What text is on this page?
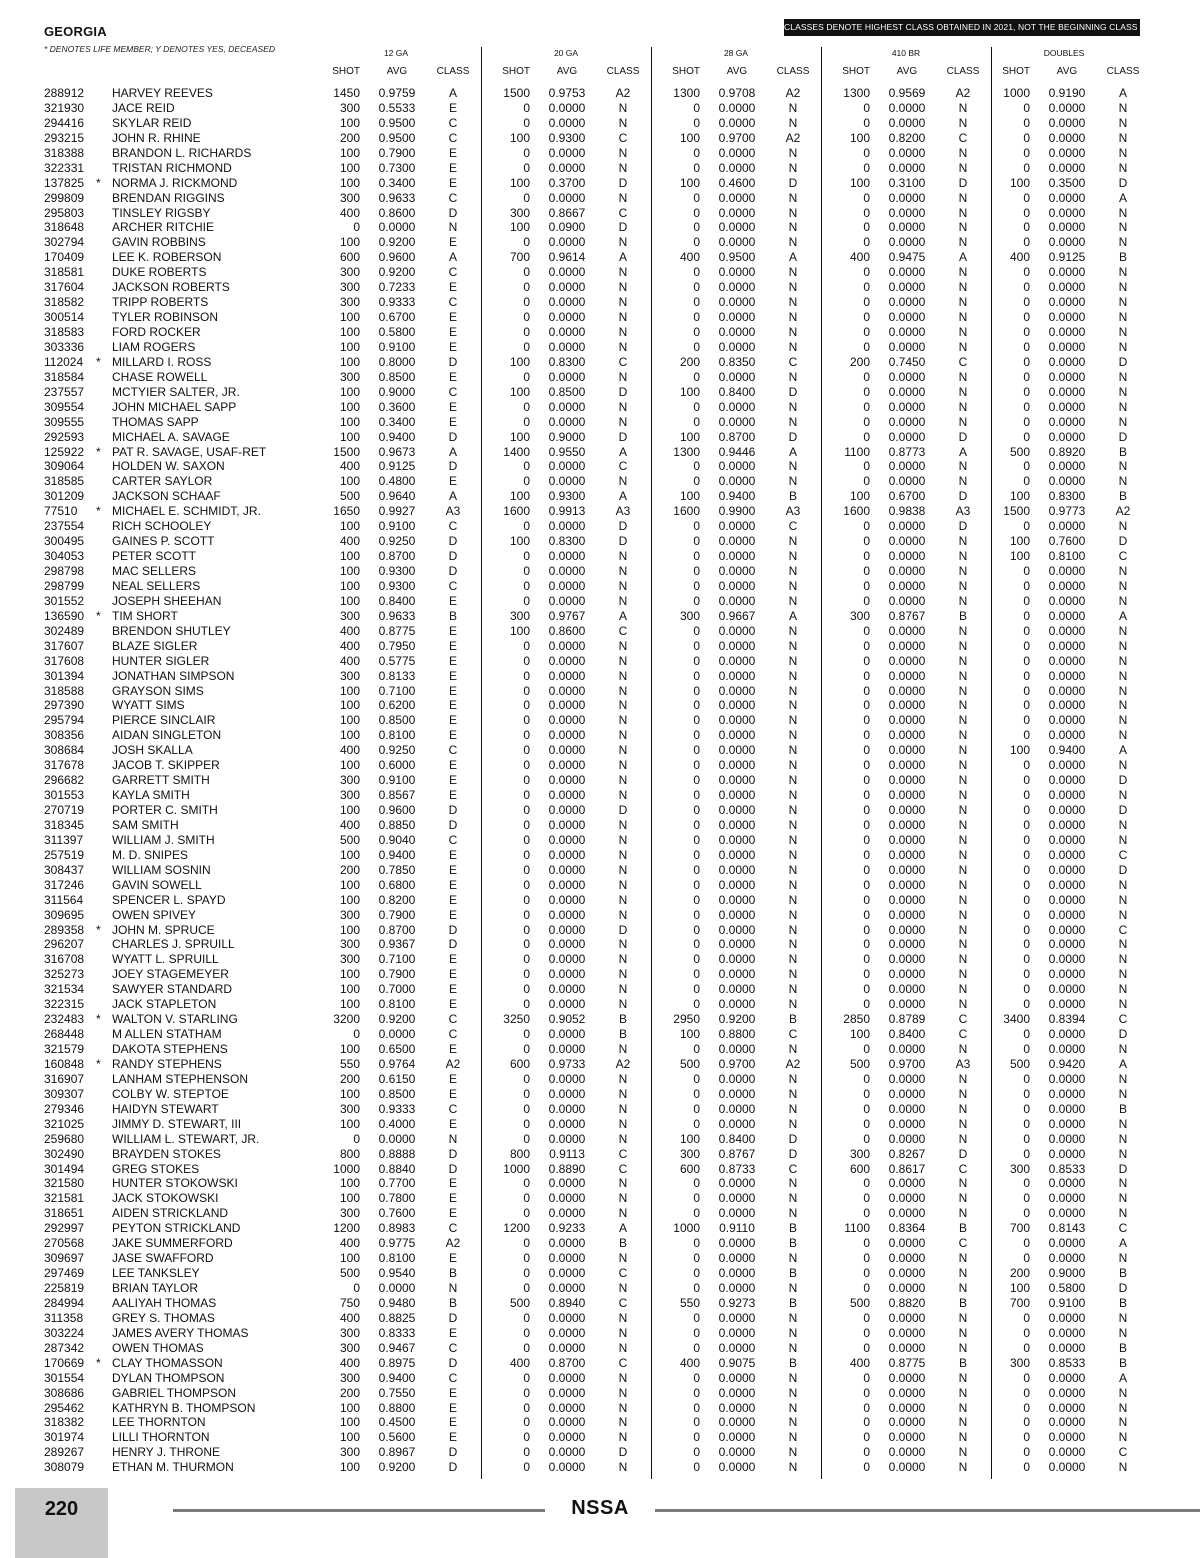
GEORGIA
* DENOTES LIFE MEMBER; Y DENOTES YES, DECEASED
CLASSES DENOTE HIGHEST CLASS OBTAINED IN 2021, NOT THE BEGINNING CLASS FOR 2022.
12 GA	20 GA	28 GA	410 BR	DOUBLES
SHOT	AVG	CLASS	SHOT	AVG	CLASS	SHOT	AVG	CLASS	SHOT	AVG	CLASS	SHOT	AVG	CLASS
288912 HARVEY REEVES	1450	0.9759	A	1500	0.9753	A2	1300	0.9708	A2	1300	0.9569	A2	1000	0.9190	A
321930 JACE REID	300	0.5533	E	0	0.0000	N	0	0.0000	N	0	0.0000	N	0	0.0000	N
294416 SKYLAR REID	100	0.9500	C	0	0.0000	N	0	0.0000	N	0	0.0000	N	0	0.0000	N
293215 JOHN R. RHINE	200	0.9500	C	100	0.9300	C	100	0.9700	A2	100	0.8200	C	0	0.0000	N
318388 BRANDON L. RICHARDS	100	0.7900	E	0	0.0000	N	0	0.0000	N	0	0.0000	N	0	0.0000	N
322331 TRISTAN RICHMOND	100	0.7300	E	0	0.0000	N	0	0.0000	N	0	0.0000	N	0	0.0000	N
137825 * NORMA J. RICKMOND	100	0.3400	E	100	0.3700	D	100	0.4600	D	100	0.3100	D	100	0.3500	D
299809 BRENDAN RIGGINS	300	0.9633	C	0	0.0000	N	0	0.0000	N	0	0.0000	N	0	0.0000	A
295803 TINSLEY RIGSBY	400	0.8600	D	300	0.8667	C	0	0.0000	N	0	0.0000	N	0	0.0000	N
318648 ARCHER RITCHIE	0	0.0000	N	100	0.0900	D	0	0.0000	N	0	0.0000	N	0	0.0000	N
302794 GAVIN ROBBINS	100	0.9200	E	0	0.0000	N	0	0.0000	N	0	0.0000	N	0	0.0000	N
170409 LEE K. ROBERSON	600	0.9600	A	700	0.9614	A	400	0.9500	A	400	0.9475	A	400	0.9125	B
318581 DUKE ROBERTS	300	0.9200	C	0	0.0000	N	0	0.0000	N	0	0.0000	N	0	0.0000	N
317604 JACKSON ROBERTS	300	0.7233	E	0	0.0000	N	0	0.0000	N	0	0.0000	N	0	0.0000	N
318582 TRIPP ROBERTS	300	0.9333	C	0	0.0000	N	0	0.0000	N	0	0.0000	N	0	0.0000	N
300514 TYLER ROBINSON	100	0.6700	E	0	0.0000	N	0	0.0000	N	0	0.0000	N	0	0.0000	N
318583 FORD ROCKER	100	0.5800	E	0	0.0000	N	0	0.0000	N	0	0.0000	N	0	0.0000	N
303336 LIAM ROGERS	100	0.9100	E	0	0.0000	N	0	0.0000	N	0	0.0000	N	0	0.0000	N
112024 * MILLARD I. ROSS	100	0.8000	D	100	0.8300	C	200	0.8350	C	200	0.7450	C	0	0.0000	D
318584 CHASE ROWELL	300	0.8500	E	0	0.0000	N	0	0.0000	N	0	0.0000	N	0	0.0000	N
237557 MCTYIER SALTER, JR.	100	0.9000	C	100	0.8500	D	100	0.8400	D	0	0.0000	N	0	0.0000	N
309554 JOHN MICHAEL SAPP	100	0.3600	E	0	0.0000	N	0	0.0000	N	0	0.0000	N	0	0.0000	N
309555 THOMAS SAPP	100	0.3400	E	0	0.0000	N	0	0.0000	N	0	0.0000	N	0	0.0000	N
292593 MICHAEL A. SAVAGE	100	0.9400	D	100	0.9000	D	100	0.8700	D	0	0.0000	D	0	0.0000	D
125922 * PAT R. SAVAGE, USAF-RET	1500	0.9673	A	1400	0.9550	A	1300	0.9446	A	1100	0.8773	A	500	0.8920	B
309064 HOLDEN W. SAXON	400	0.9125	D	0	0.0000	C	0	0.0000	N	0	0.0000	N	0	0.0000	N
318585 CARTER SAYLOR	100	0.4800	E	0	0.0000	N	0	0.0000	N	0	0.0000	N	0	0.0000	N
301209 JACKSON SCHAAF	500	0.9640	A	100	0.9300	A	100	0.9400	B	100	0.6700	D	100	0.8300	B
77510 * MICHAEL E. SCHMIDT, JR.	1650	0.9927	A3	1600	0.9913	A3	1600	0.9900	A3	1600	0.9838	A3	1500	0.9773	A2
237554 RICH SCHOOLEY	100	0.9100	C	0	0.0000	D	0	0.0000	C	0	0.0000	D	0	0.0000	N
300495 GAINES P. SCOTT	400	0.9250	D	100	0.8300	D	0	0.0000	N	0	0.0000	N	100	0.7600	D
304053 PETER SCOTT	100	0.8700	D	0	0.0000	N	0	0.0000	N	0	0.0000	N	100	0.8100	C
298798 MAC SELLERS	100	0.9300	D	0	0.0000	N	0	0.0000	N	0	0.0000	N	0	0.0000	N
298799 NEAL SELLERS	100	0.9300	C	0	0.0000	N	0	0.0000	N	0	0.0000	N	0	0.0000	N
301552 JOSEPH SHEEHAN	100	0.8400	E	0	0.0000	N	0	0.0000	N	0	0.0000	N	0	0.0000	N
136590 * TIM SHORT	300	0.9633	B	300	0.9767	A	300	0.9667	A	300	0.8767	B	0	0.0000	A
302489 BRENDON SHUTLEY	400	0.8775	E	100	0.8600	C	0	0.0000	N	0	0.0000	N	0	0.0000	N
317607 BLAZE SIGLER	400	0.7950	E	0	0.0000	N	0	0.0000	N	0	0.0000	N	0	0.0000	N
317608 HUNTER SIGLER	400	0.5775	E	0	0.0000	N	0	0.0000	N	0	0.0000	N	0	0.0000	N
301394 JONATHAN SIMPSON	300	0.8133	E	0	0.0000	N	0	0.0000	N	0	0.0000	N	0	0.0000	N
318588 GRAYSON SIMS	100	0.7100	E	0	0.0000	N	0	0.0000	N	0	0.0000	N	0	0.0000	N
297390 WYATT SIMS	100	0.6200	E	0	0.0000	N	0	0.0000	N	0	0.0000	N	0	0.0000	N
295794 PIERCE SINCLAIR	100	0.8500	E	0	0.0000	N	0	0.0000	N	0	0.0000	N	0	0.0000	N
308356 AIDAN SINGLETON	100	0.8100	E	0	0.0000	N	0	0.0000	N	0	0.0000	N	0	0.0000	N
308684 JOSH SKALLA	400	0.9250	C	0	0.0000	N	0	0.0000	N	0	0.0000	N	100	0.9400	A
317678 JACOB T. SKIPPER	100	0.6000	E	0	0.0000	N	0	0.0000	N	0	0.0000	N	0	0.0000	N
296682 GARRETT SMITH	300	0.9100	E	0	0.0000	N	0	0.0000	N	0	0.0000	N	0	0.0000	D
301553 KAYLA SMITH	300	0.8567	E	0	0.0000	N	0	0.0000	N	0	0.0000	N	0	0.0000	N
270719 PORTER C. SMITH	100	0.9600	D	0	0.0000	D	0	0.0000	N	0	0.0000	N	0	0.0000	D
318345 SAM SMITH	400	0.8850	D	0	0.0000	N	0	0.0000	N	0	0.0000	N	0	0.0000	N
311397 WILLIAM J. SMITH	500	0.9040	C	0	0.0000	N	0	0.0000	N	0	0.0000	N	0	0.0000	N
257519 M. D. SNIPES	100	0.9400	E	0	0.0000	N	0	0.0000	N	0	0.0000	N	0	0.0000	C
308437 WILLIAM SOSNIN	200	0.7850	E	0	0.0000	N	0	0.0000	N	0	0.0000	N	0	0.0000	D
317246 GAVIN SOWELL	100	0.6800	E	0	0.0000	N	0	0.0000	N	0	0.0000	N	0	0.0000	N
311564 SPENCER L. SPAYD	100	0.8200	E	0	0.0000	N	0	0.0000	N	0	0.0000	N	0	0.0000	N
309695 OWEN SPIVEY	300	0.7900	E	0	0.0000	N	0	0.0000	N	0	0.0000	N	0	0.0000	N
289358 * JOHN M. SPRUCE	100	0.8700	D	0	0.0000	D	0	0.0000	N	0	0.0000	N	0	0.0000	C
296207 CHARLES J. SPRUILL	300	0.9367	D	0	0.0000	N	0	0.0000	N	0	0.0000	N	0	0.0000	N
316708 WYATT L. SPRUILL	300	0.7100	E	0	0.0000	N	0	0.0000	N	0	0.0000	N	0	0.0000	N
325273 JOEY STAGEMEYER	100	0.7900	E	0	0.0000	N	0	0.0000	N	0	0.0000	N	0	0.0000	N
321534 SAWYER STANDARD	100	0.7000	E	0	0.0000	N	0	0.0000	N	0	0.0000	N	0	0.0000	N
322315 JACK STAPLETON	100	0.8100	E	0	0.0000	N	0	0.0000	N	0	0.0000	N	0	0.0000	N
232483 * WALTON V. STARLING	3200	0.9200	C	3250	0.9052	B	2950	0.9200	B	2850	0.8789	C	3400	0.8394	C
268448 M ALLEN STATHAM	0	0.0000	C	0	0.0000	B	100	0.8800	C	100	0.8400	C	0	0.0000	D
321579 DAKOTA STEPHENS	100	0.6500	E	0	0.0000	N	0	0.0000	N	0	0.0000	N	0	0.0000	N
160848 * RANDY STEPHENS	550	0.9764	A2	600	0.9733	A2	500	0.9700	A2	500	0.9700	A3	500	0.9420	A
316907 LANHAM STEPHENSON	200	0.6150	E	0	0.0000	N	0	0.0000	N	0	0.0000	N	0	0.0000	N
309307 COLBY W. STEPTOE	100	0.8500	E	0	0.0000	N	0	0.0000	N	0	0.0000	N	0	0.0000	N
279346 HAIDYN STEWART	300	0.9333	C	0	0.0000	N	0	0.0000	N	0	0.0000	N	0	0.0000	B
321025 JIMMY D. STEWART, III	100	0.4000	E	0	0.0000	N	0	0.0000	N	0	0.0000	N	0	0.0000	N
259680 WILLIAM L. STEWART, JR.	0	0.0000	N	0	0.0000	N	100	0.8400	D	0	0.0000	N	0	0.0000	N
302490 BRAYDEN STOKES	800	0.8888	D	800	0.9113	C	300	0.8767	D	300	0.8267	D	0	0.0000	N
301494 GREG STOKES	1000	0.8840	D	1000	0.8890	C	600	0.8733	C	600	0.8617	C	300	0.8533	D
321580 HUNTER STOKOWSKI	100	0.7700	E	0	0.0000	N	0	0.0000	N	0	0.0000	N	0	0.0000	N
321581 JACK STOKOWSKI	100	0.7800	E	0	0.0000	N	0	0.0000	N	0	0.0000	N	0	0.0000	N
318651 AIDEN STRICKLAND	300	0.7600	E	0	0.0000	N	0	0.0000	N	0	0.0000	N	0	0.0000	N
292997 PEYTON STRICKLAND	1200	0.8983	C	1200	0.9233	A	1000	0.9110	B	1100	0.8364	B	700	0.8143	C
270568 JAKE SUMMERFORD	400	0.9775	A2	0	0.0000	B	0	0.0000	B	0	0.0000	C	0	0.0000	A
309697 JASE SWAFFORD	100	0.8100	E	0	0.0000	N	0	0.0000	N	0	0.0000	N	0	0.0000	N
297469 LEE TANKSLEY	500	0.9540	B	0	0.0000	C	0	0.0000	B	0	0.0000	N	200	0.9000	B
225819 BRIAN TAYLOR	0	0.0000	N	0	0.0000	N	0	0.0000	N	0	0.0000	N	100	0.5800	D
284994 AALIYAH THOMAS	750	0.9480	B	500	0.8940	C	550	0.9273	B	500	0.8820	B	700	0.9100	B
311358 GREY S. THOMAS	400	0.8825	D	0	0.0000	N	0	0.0000	N	0	0.0000	N	0	0.0000	N
303224 JAMES AVERY THOMAS	300	0.8333	E	0	0.0000	N	0	0.0000	N	0	0.0000	N	0	0.0000	N
287342 OWEN THOMAS	300	0.9467	C	0	0.0000	N	0	0.0000	N	0	0.0000	N	0	0.0000	B
170669 * CLAY THOMASSON	400	0.8975	D	400	0.8700	C	400	0.9075	B	400	0.8775	B	300	0.8533	B
301554 DYLAN THOMPSON	300	0.9400	C	0	0.0000	N	0	0.0000	N	0	0.0000	N	0	0.0000	A
308686 GABRIEL THOMPSON	200	0.7550	E	0	0.0000	N	0	0.0000	N	0	0.0000	N	0	0.0000	N
295462 KATHRYN B. THOMPSON	100	0.8800	E	0	0.0000	N	0	0.0000	N	0	0.0000	N	0	0.0000	N
318382 LEE THORNTON	100	0.4500	E	0	0.0000	N	0	0.0000	N	0	0.0000	N	0	0.0000	N
301974 LILLI THORNTON	100	0.5600	E	0	0.0000	N	0	0.0000	N	0	0.0000	N	0	0.0000	N
289267 HENRY J. THRONE	300	0.8967	D	0	0.0000	D	0	0.0000	N	0	0.0000	N	0	0.0000	C
308079 ETHAN M. THURMON	100	0.9200	D	0	0.0000	N	0	0.0000	N	0	0.0000	N	0	0.0000	N
220	NSSA
